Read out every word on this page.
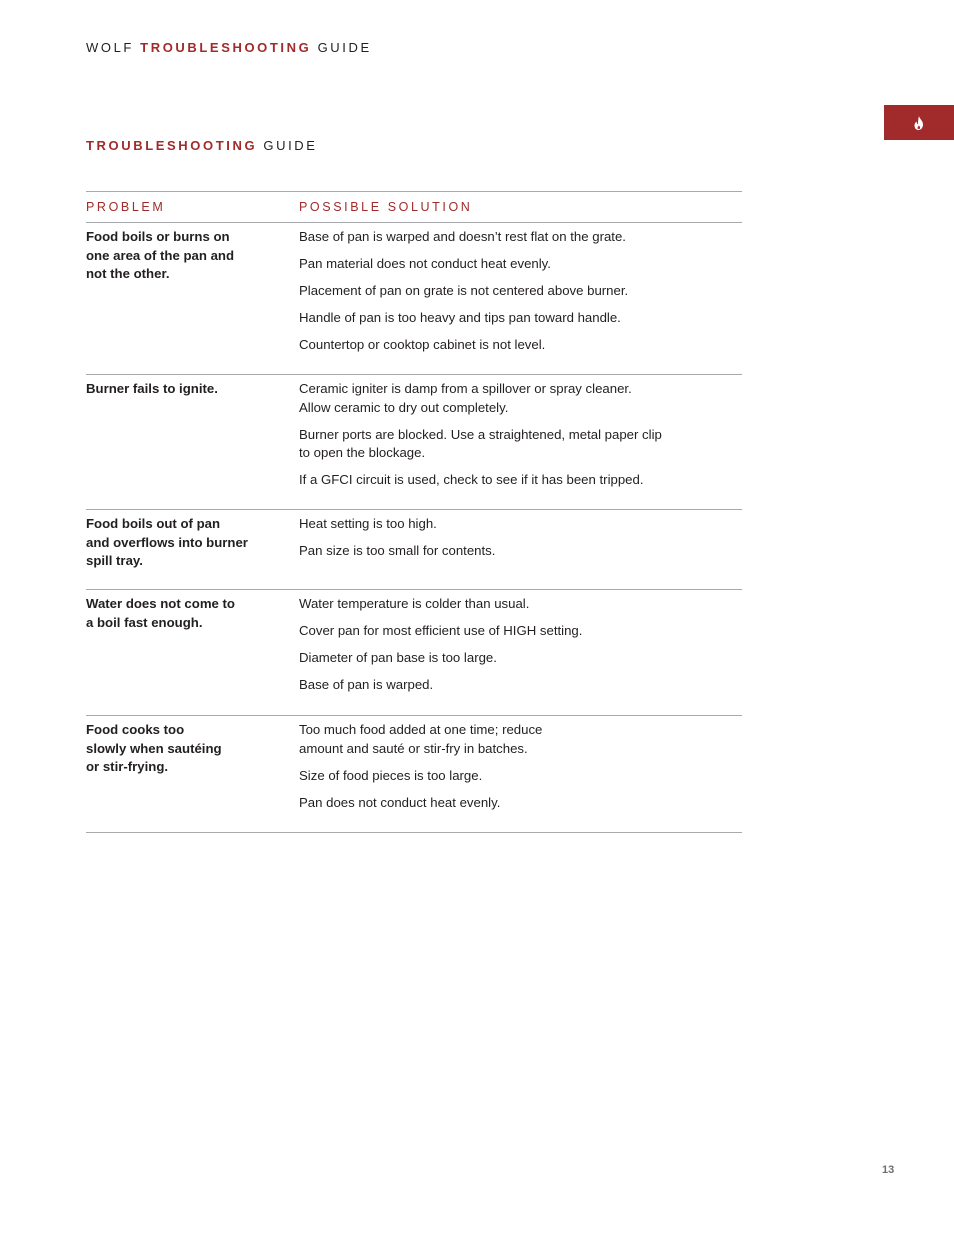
WOLF TROUBLESHOOTING GUIDE
TROUBLESHOOTING GUIDE
PROBLEM	POSSIBLE SOLUTION
Food boils or burns on
one area of the pan and
not the other.

Base of pan is warped and doesn’t rest flat on the grate.

Pan material does not conduct heat evenly.

Placement of pan on grate is not centered above burner.

Handle of pan is too heavy and tips pan toward handle.

Countertop or cooktop cabinet is not level.

Burner fails to ignite.	Ceramic igniter is damp from a spillover or spray cleaner.
Allow ceramic to dry out completely.

Burner ports are blocked. Use a straightened, metal paper clip
to open the blockage.

If a GFCI circuit is used, check to see if it has been tripped.

Food boils out of pan
and overflows into burner
spill tray.

Heat setting is too high.

Pan size is too small for contents.

Water does not come to
a boil fast enough.

Water temperature is colder than usual.

Cover pan for most efficient use of HIGH setting.

Diameter of pan base is too large.

Base of pan is warped.

Food cooks too
slowly when sautéing
or stir-frying.

Too much food added at one time; reduce
amount and sauté or stir-fry in batches.

Size of food pieces is too large.

Pan does not conduct heat evenly.

13
